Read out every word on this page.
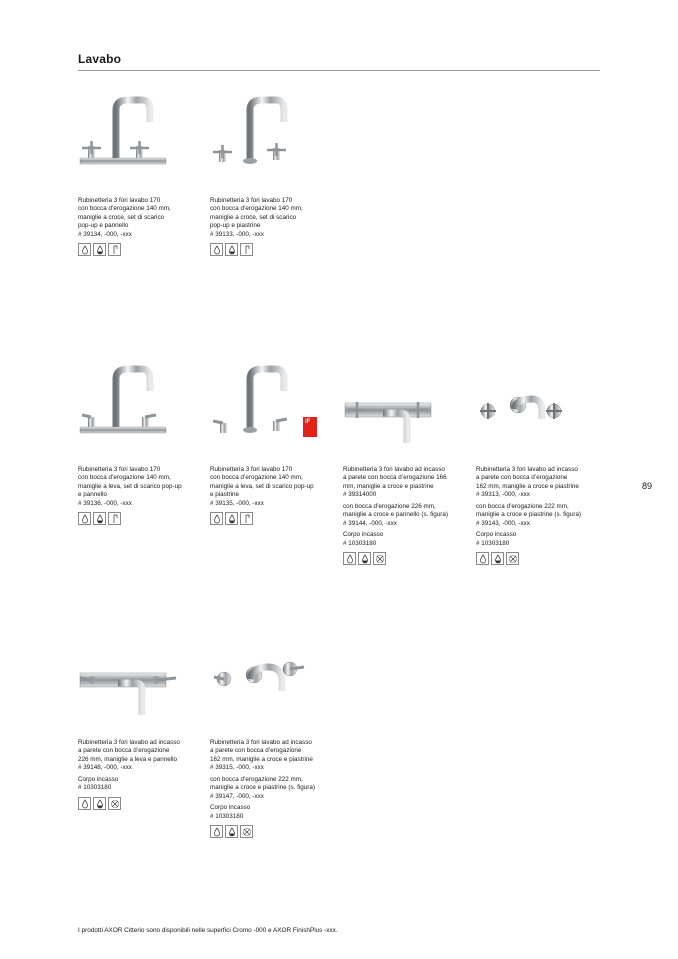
Lavabo
89
I prodotti AXOR Citterio sono disponibili nelle superfici Cromo -000 e AXOR FinishPlus -xxx.

Rubinetteria 3 fori lavabo 170
con bocca d’erogazione 140 mm,
maniglie a croce, set di scarico
pop-up e pannello
# 39134, -000, -xxx

Rubinetteria 3 fori lavabo 170
con bocca d’erogazione 140 mm,
maniglie a croce, set di scarico
pop-up e piastrine
# 39133, -000, -xxx

Rubinetteria 3 fori lavabo 170
con bocca d’erogazione 140 mm,
maniglie a leva, set di scarico pop-up
e pannello
# 39136, -000, -xxx

iF

Rubinetteria 3 fori lavabo 170
con bocca d’erogazione 140 mm,
maniglie a leva, set di scarico pop-up
e piastrine
# 39135, -000, -xxx

Rubinetteria 3 fori lavabo ad incasso
a parete con bocca d’erogazione 166
mm, maniglie a croce e piastrine
# 39314000

con bocca d’erogazione 226 mm,
maniglie a croce e pannello (s. figura)
# 39144, -000, -xxx

Corpo incasso
# 10303180

Rubinetteria 3 fori lavabo ad incasso
a parete con bocca d’erogazione
162 mm, maniglie a croce e piastrine
# 39313, -000, -xxx

con bocca d’erogazione 222 mm,
maniglie a croce e piastrine (s. figura)
# 39143, -000, -xxx

Corpo incasso
# 10303180

Rubinetteria 3 fori lavabo ad incasso
a parete con bocca d’erogazione
226 mm, maniglie a leva e pannello
# 39148, -000, -xxx

Corpo incasso
# 10303180

Rubinetteria 3 fori lavabo ad incasso
a parete con bocca d’erogazione
162 mm, maniglie a croce e piastrine
# 39315, -000, -xxx

con bocca d’erogazione 222 mm,
maniglie a croce e piastrine (s. figura)
# 39147, -000, -xxx

Corpo incasso
# 10303180
